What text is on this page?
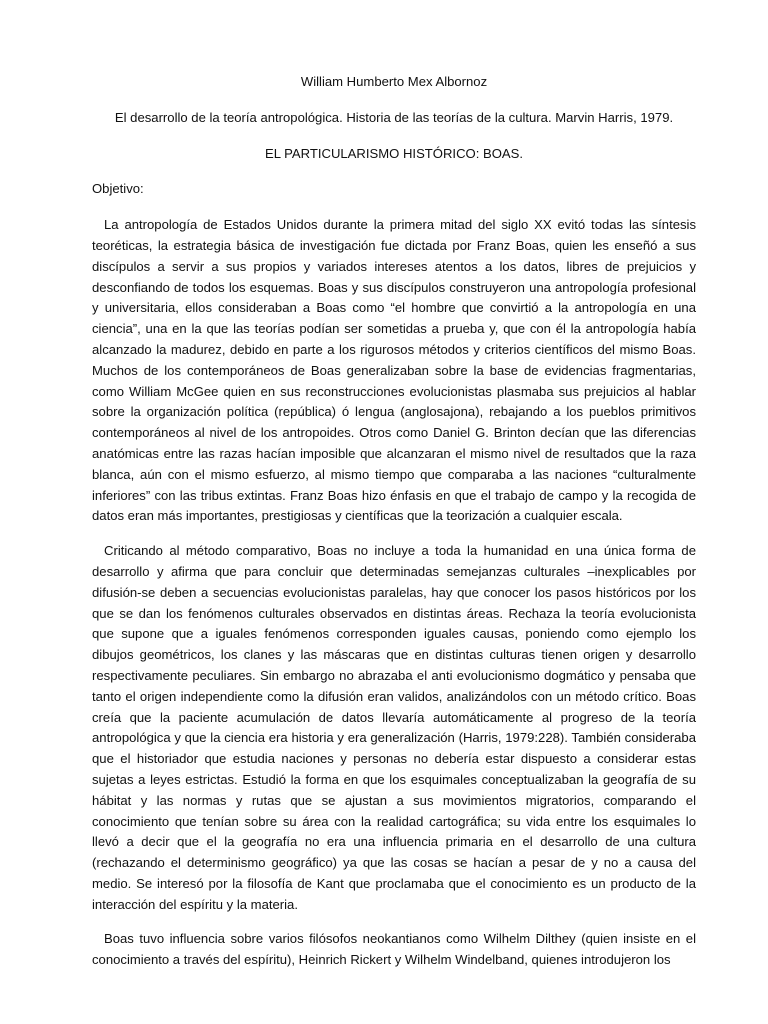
William Humberto Mex Albornoz

El desarrollo de la teoría antropológica. Historia de las teorías de la cultura. Marvin Harris, 1979.

EL PARTICULARISMO HISTÓRICO: BOAS.

Objetivo:

La antropología de Estados Unidos durante la primera mitad del siglo XX evitó todas las síntesis teoréticas, la estrategia básica de investigación fue dictada por Franz Boas, quien les enseñó a sus discípulos a servir a sus propios y variados intereses atentos a los datos, libres de prejuicios y desconfiando de todos los esquemas. Boas y sus discípulos construyeron una antropología profesional y universitaria, ellos consideraban a Boas como “el hombre que convirtió a la antropología en una ciencia”, una en la que las teorías podían ser sometidas a prueba y, que con él la antropología había alcanzado la madurez, debido en parte a los rigurosos métodos y criterios científicos del mismo Boas. Muchos de los contemporáneos de Boas generalizaban sobre la base de evidencias fragmentarias, como William McGee quien en sus reconstrucciones evolucionistas plasmaba sus prejuicios al hablar sobre la organización política (república) ó lengua (anglosajona), rebajando a los pueblos primitivos contemporáneos al nivel de los antropoides. Otros como Daniel G. Brinton decían que las diferencias anatómicas entre las razas hacían imposible que alcanzaran el mismo nivel de resultados que la raza blanca, aún con el mismo esfuerzo, al mismo tiempo que comparaba a las naciones “culturalmente inferiores” con las tribus extintas. Franz Boas hizo énfasis en que el trabajo de campo y la recogida de datos eran más importantes, prestigiosas y científicas que la teorización a cualquier escala.

Criticando al método comparativo, Boas no incluye a toda la humanidad en una única forma de desarrollo y afirma que para concluir que determinadas semejanzas culturales –inexplicables por difusión-se deben a secuencias evolucionistas paralelas, hay que conocer los pasos históricos por los que se dan los fenómenos culturales observados en distintas áreas. Rechaza la teoría evolucionista que supone que a iguales fenómenos corresponden iguales causas, poniendo como ejemplo los dibujos geométricos, los clanes y las máscaras que en distintas culturas tienen origen y desarrollo respectivamente peculiares. Sin embargo no abrazaba el anti evolucionismo dogmático y pensaba que tanto el origen independiente como la difusión eran validos, analizándolos con un método crítico. Boas creía que la paciente acumulación de datos llevaría automáticamente al progreso de la teoría antropológica y que la ciencia era historia y era generalización (Harris, 1979:228). También consideraba que el historiador que estudia naciones y personas no debería estar dispuesto a considerar estas sujetas a leyes estrictas. Estudió la forma en que los esquimales conceptualizaban la geografía de su hábitat y las normas y rutas que se ajustan a sus movimientos migratorios, comparando el conocimiento que tenían sobre su área con la realidad cartográfica; su vida entre los esquimales lo llevó a decir que el la geografía no era una influencia primaria en el desarrollo de una cultura (rechazando el determinismo geográfico) ya que las cosas se hacían a pesar de y no a causa del medio. Se interesó por la filosofía de Kant que proclamaba que el conocimiento es un producto de la interacción del espíritu y la materia.

Boas tuvo influencia sobre varios filósofos neokantianos como Wilhelm Dilthey (quien insiste en el conocimiento a través del espíritu), Heinrich Rickert y Wilhelm Windelband, quienes introdujeron los
